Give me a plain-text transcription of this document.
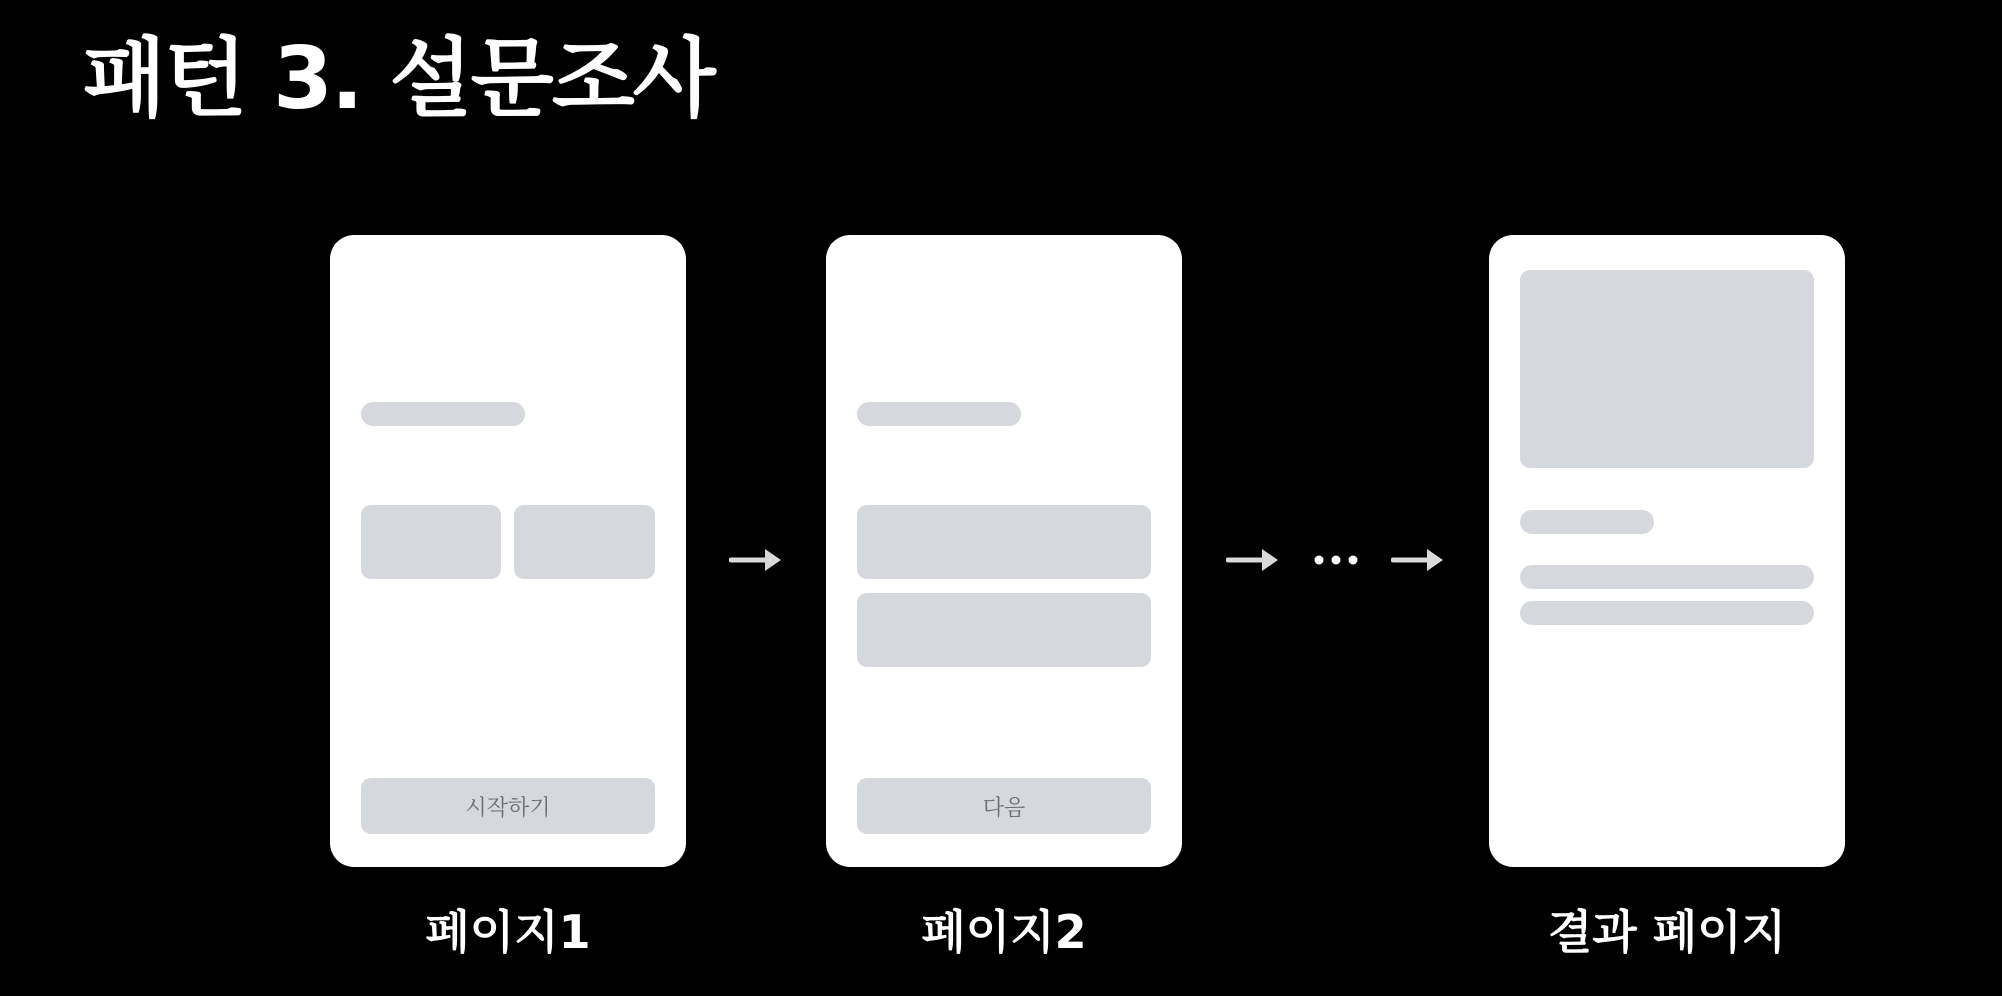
패턴 3. 설문조사
시작하기
페이지1
다음
페이지2	결과 페이지
